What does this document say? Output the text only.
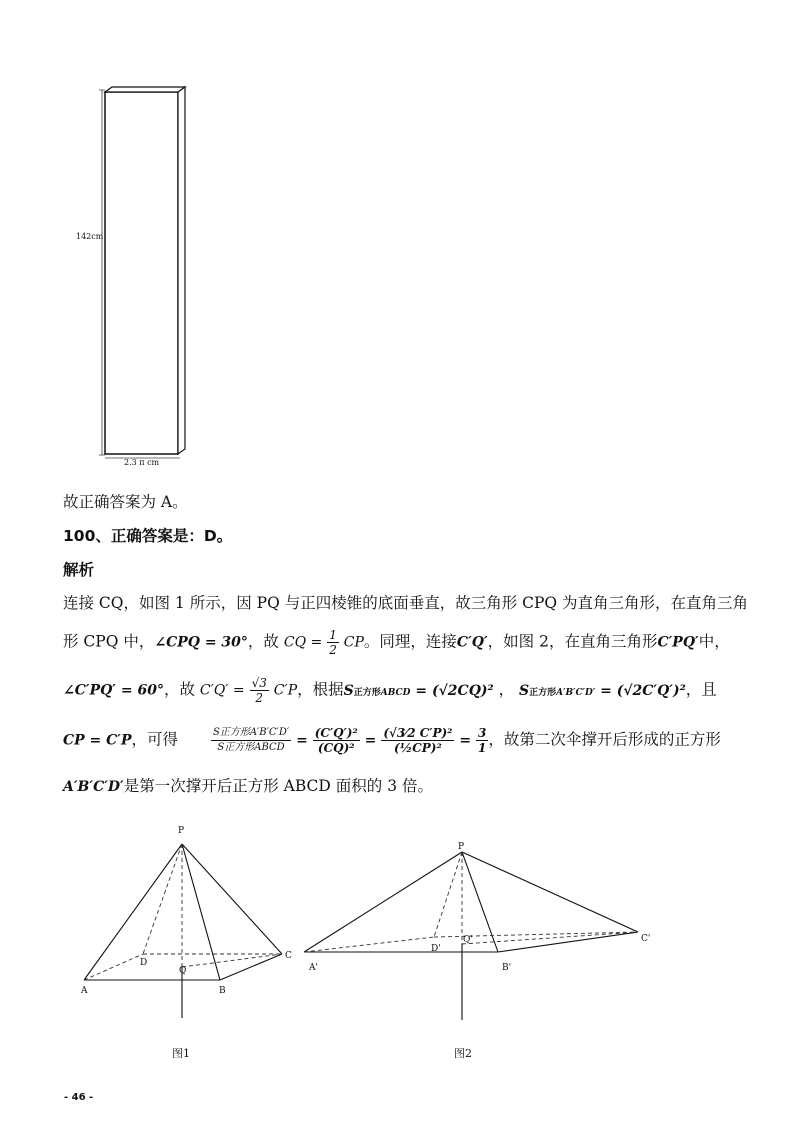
142cm
2.3 π cm
故正确答案为 A。
100、正确答案是：D。
解析
连接 CQ，如图 1 所示，因 PQ 与正四棱锥的底面垂直，故三角形 CPQ 为直角三角形，在直角三角
形 CPQ 中，∠CPQ = 30°，故 CQ = $\frac{1}{2}$ CP。同理，连接C′Q′，如图 2，在直角三角形C′PQ′中，
∠C′PQ′ = 60°，故 $C'Q' = \frac{√3}{2} C'P$，根据S正方形ABCD = (√2CQ)² ， S正方形A′B′C′D′ = (√2C′Q′)²，且
CP = C′P，可得	$\frac{\text{S正方形A′B′C′D′}}{\text{S正方形ABCD}} = \frac{\text{(C′Q′)²}}{\text{(CQ)²}} = \frac{\text{(√3⁄2 C′P)²}}{\text{(½CP)²}} = \frac{3}{1}$ ，故第二次伞撑开后形成的正方形
A′B′C′D′是第一次撑开后正方形 ABCD 面积的 3 倍。
P
D
Q
A	B
C
图1
P
D'
Q'
A'	B'
C'
图2
- 46 -
